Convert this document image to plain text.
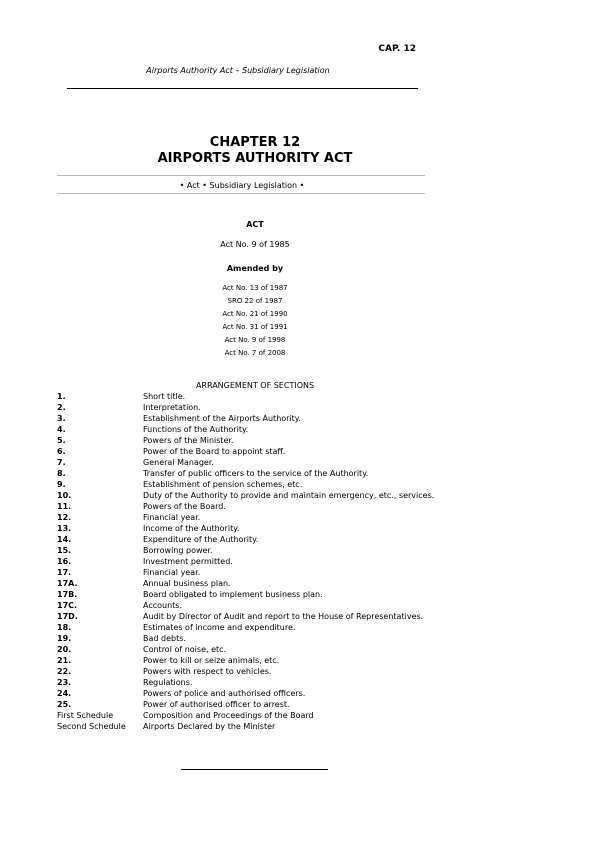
CAP. 12
Airports Authority Act – Subsidiary Legislation
CHAPTER 12
AIRPORTS AUTHORITY ACT
• Act • Subsidiary Legislation •
ACT
Act No. 9 of 1985
Amended by
Act No. 13 of 1987
SRO 22 of 1987
Act No. 21 of 1990
Act No. 31 of 1991
Act No. 9 of 1998
Act No. 7 of 2008
ARRANGEMENT OF SECTIONS
1.	Short title.
2.	Interpretation.
3.	Establishment of the Airports Authority.
4.	Functions of the Authority.
5.	Powers of the Minister.
6.	Power of the Board to appoint staff.
7.	General Manager.
8.	Transfer of public officers to the service of the Authority.
9.	Establishment of pension schemes, etc.
10.	Duty of the Authority to provide and maintain emergency, etc., services.
11.	Powers of the Board.
12.	Financial year.
13.	Income of the Authority.
14.	Expenditure of the Authority.
15.	Borrowing power.
16.	Investment permitted.
17.	Financial year.
17A.	Annual business plan.
17B.	Board obligated to implement business plan.
17C.	Accounts.
17D.	Audit by Director of Audit and report to the House of Representatives.
18.	Estimates of income and expenditure.
19.	Bad debts.
20.	Control of noise, etc.
21.	Power to kill or seize animals, etc.
22.	Powers with respect to vehicles.
23.	Regulations.
24.	Powers of police and authorised officers.
25.	Power of authorised officer to arrest.
First Schedule	Composition and Proceedings of the Board
Second Schedule	Airports Declared by the Minister
